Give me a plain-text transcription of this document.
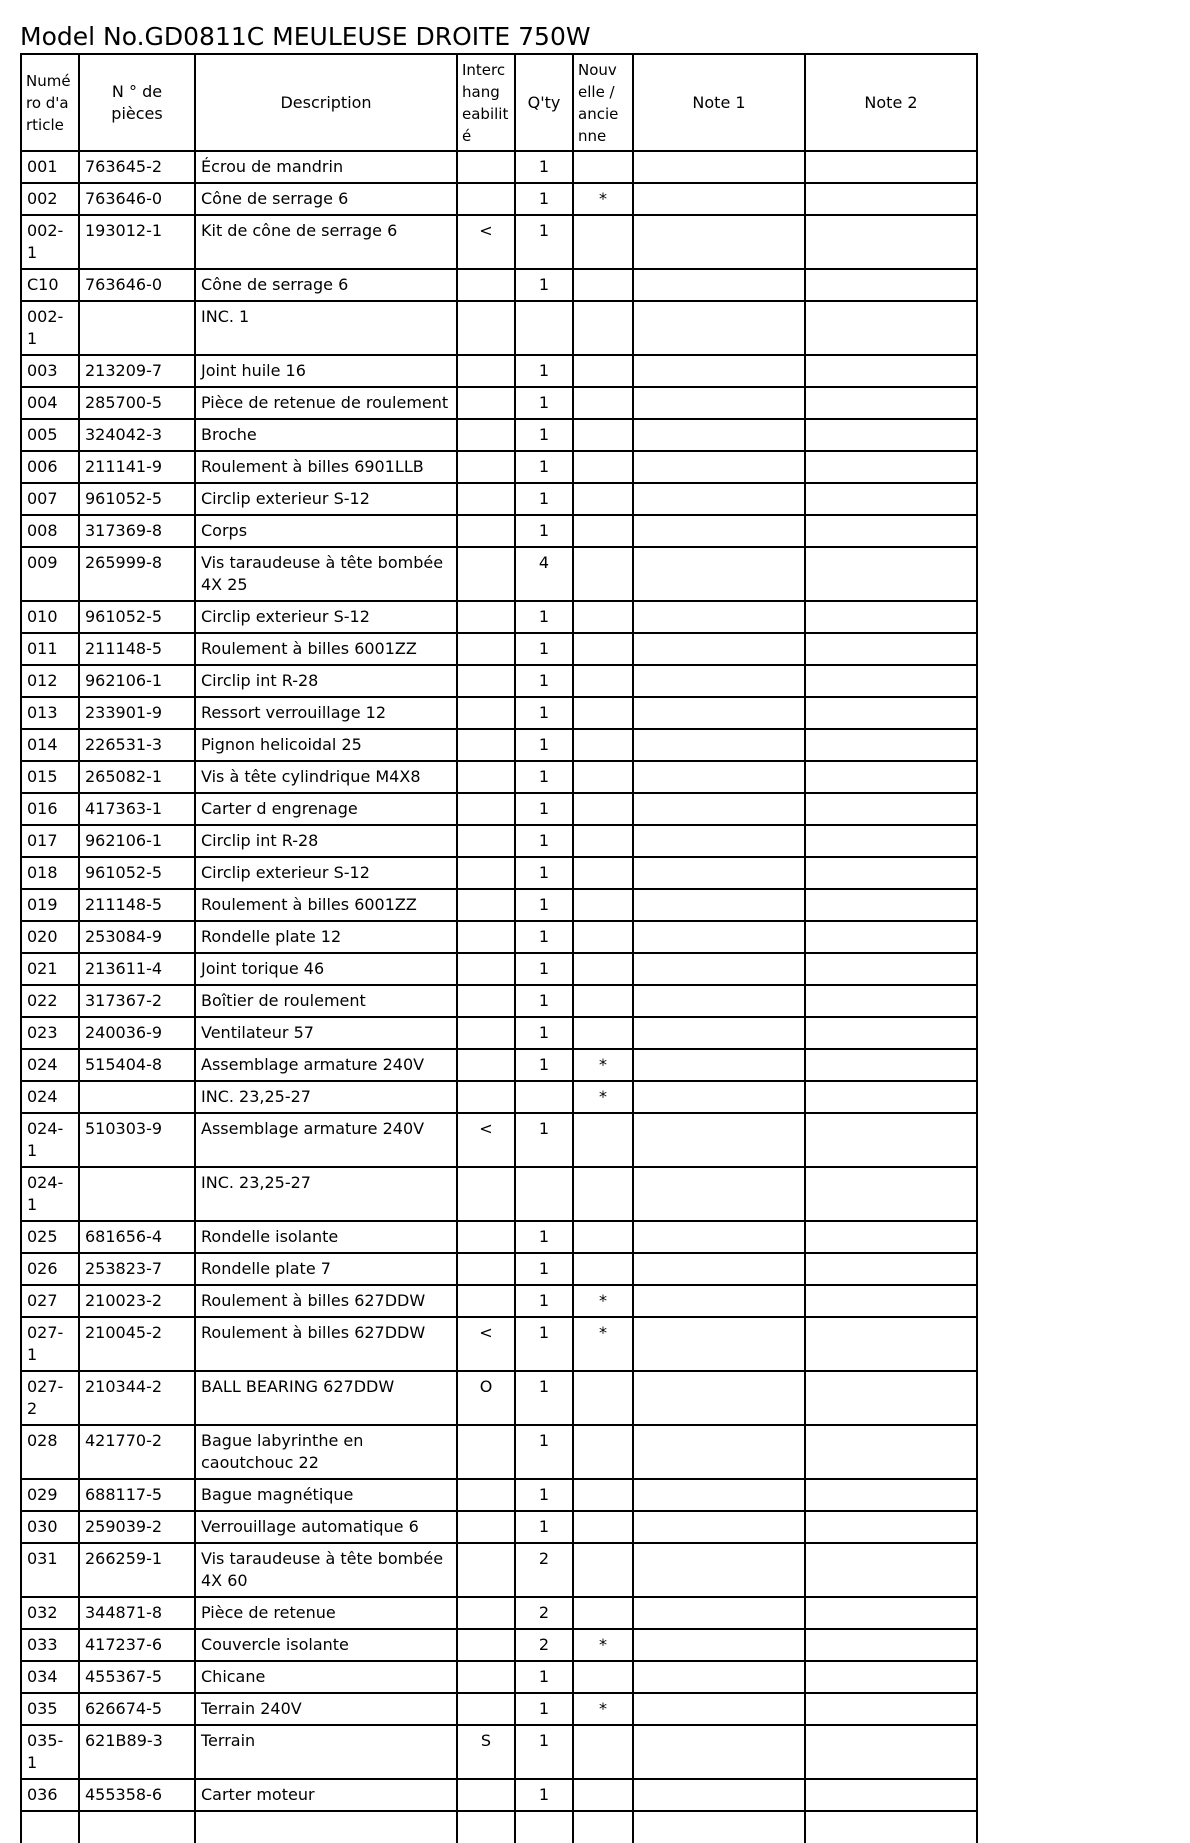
Model No.GD0811C MEULEUSE DROITE 750W
Numé ro d'a rticle	N ° de pièces	Description	Interc hang eabilit é	Q'ty	Nouv elle / ancie nne	Note 1	Note 2
001	763645-2	Écrou de mandrin		1			
002	763646-0	Cône de serrage 6		1	*		
002-1	193012-1	Kit de cône de serrage 6	<	1			
C10	763646-0	Cône de serrage 6		1			
002-1		INC. 1					
003	213209-7	Joint huile 16		1			
004	285700-5	Pièce de retenue de roulement		1			
005	324042-3	Broche		1			
006	211141-9	Roulement à billes 6901LLB		1			
007	961052-5	Circlip exterieur S-12		1			
008	317369-8	Corps		1			
009	265999-8	Vis taraudeuse à tête bombée 4X 25		4			
010	961052-5	Circlip exterieur S-12		1			
011	211148-5	Roulement à billes 6001ZZ		1			
012	962106-1	Circlip int R-28		1			
013	233901-9	Ressort verrouillage 12		1			
014	226531-3	Pignon helicoidal 25		1			
015	265082-1	Vis à tête cylindrique M4X8		1			
016	417363-1	Carter d engrenage		1			
017	962106-1	Circlip int R-28		1			
018	961052-5	Circlip exterieur S-12		1			
019	211148-5	Roulement à billes 6001ZZ		1			
020	253084-9	Rondelle plate 12		1			
021	213611-4	Joint torique 46		1			
022	317367-2	Boîtier de roulement		1			
023	240036-9	Ventilateur 57		1			
024	515404-8	Assemblage armature 240V		1	*		
024		INC. 23,25-27			*		
024-1	510303-9	Assemblage armature 240V	<	1			
024-1		INC. 23,25-27					
025	681656-4	Rondelle isolante		1			
026	253823-7	Rondelle plate 7		1			
027	210023-2	Roulement à billes 627DDW		1	*		
027-1	210045-2	Roulement à billes 627DDW	<	1	*		
027-2	210344-2	BALL BEARING 627DDW	O	1			
028	421770-2	Bague labyrinthe en caoutchouc 22		1			
029	688117-5	Bague magnétique		1			
030	259039-2	Verrouillage automatique 6		1			
031	266259-1	Vis taraudeuse à tête bombée 4X 60		2			
032	344871-8	Pièce de retenue		2			
033	417237-6	Couvercle isolante		2	*		
034	455367-5	Chicane		1			
035	626674-5	Terrain 240V		1	*		
035-1	621B89-3	Terrain	S	1			
036	455358-6	Carter moteur		1			
